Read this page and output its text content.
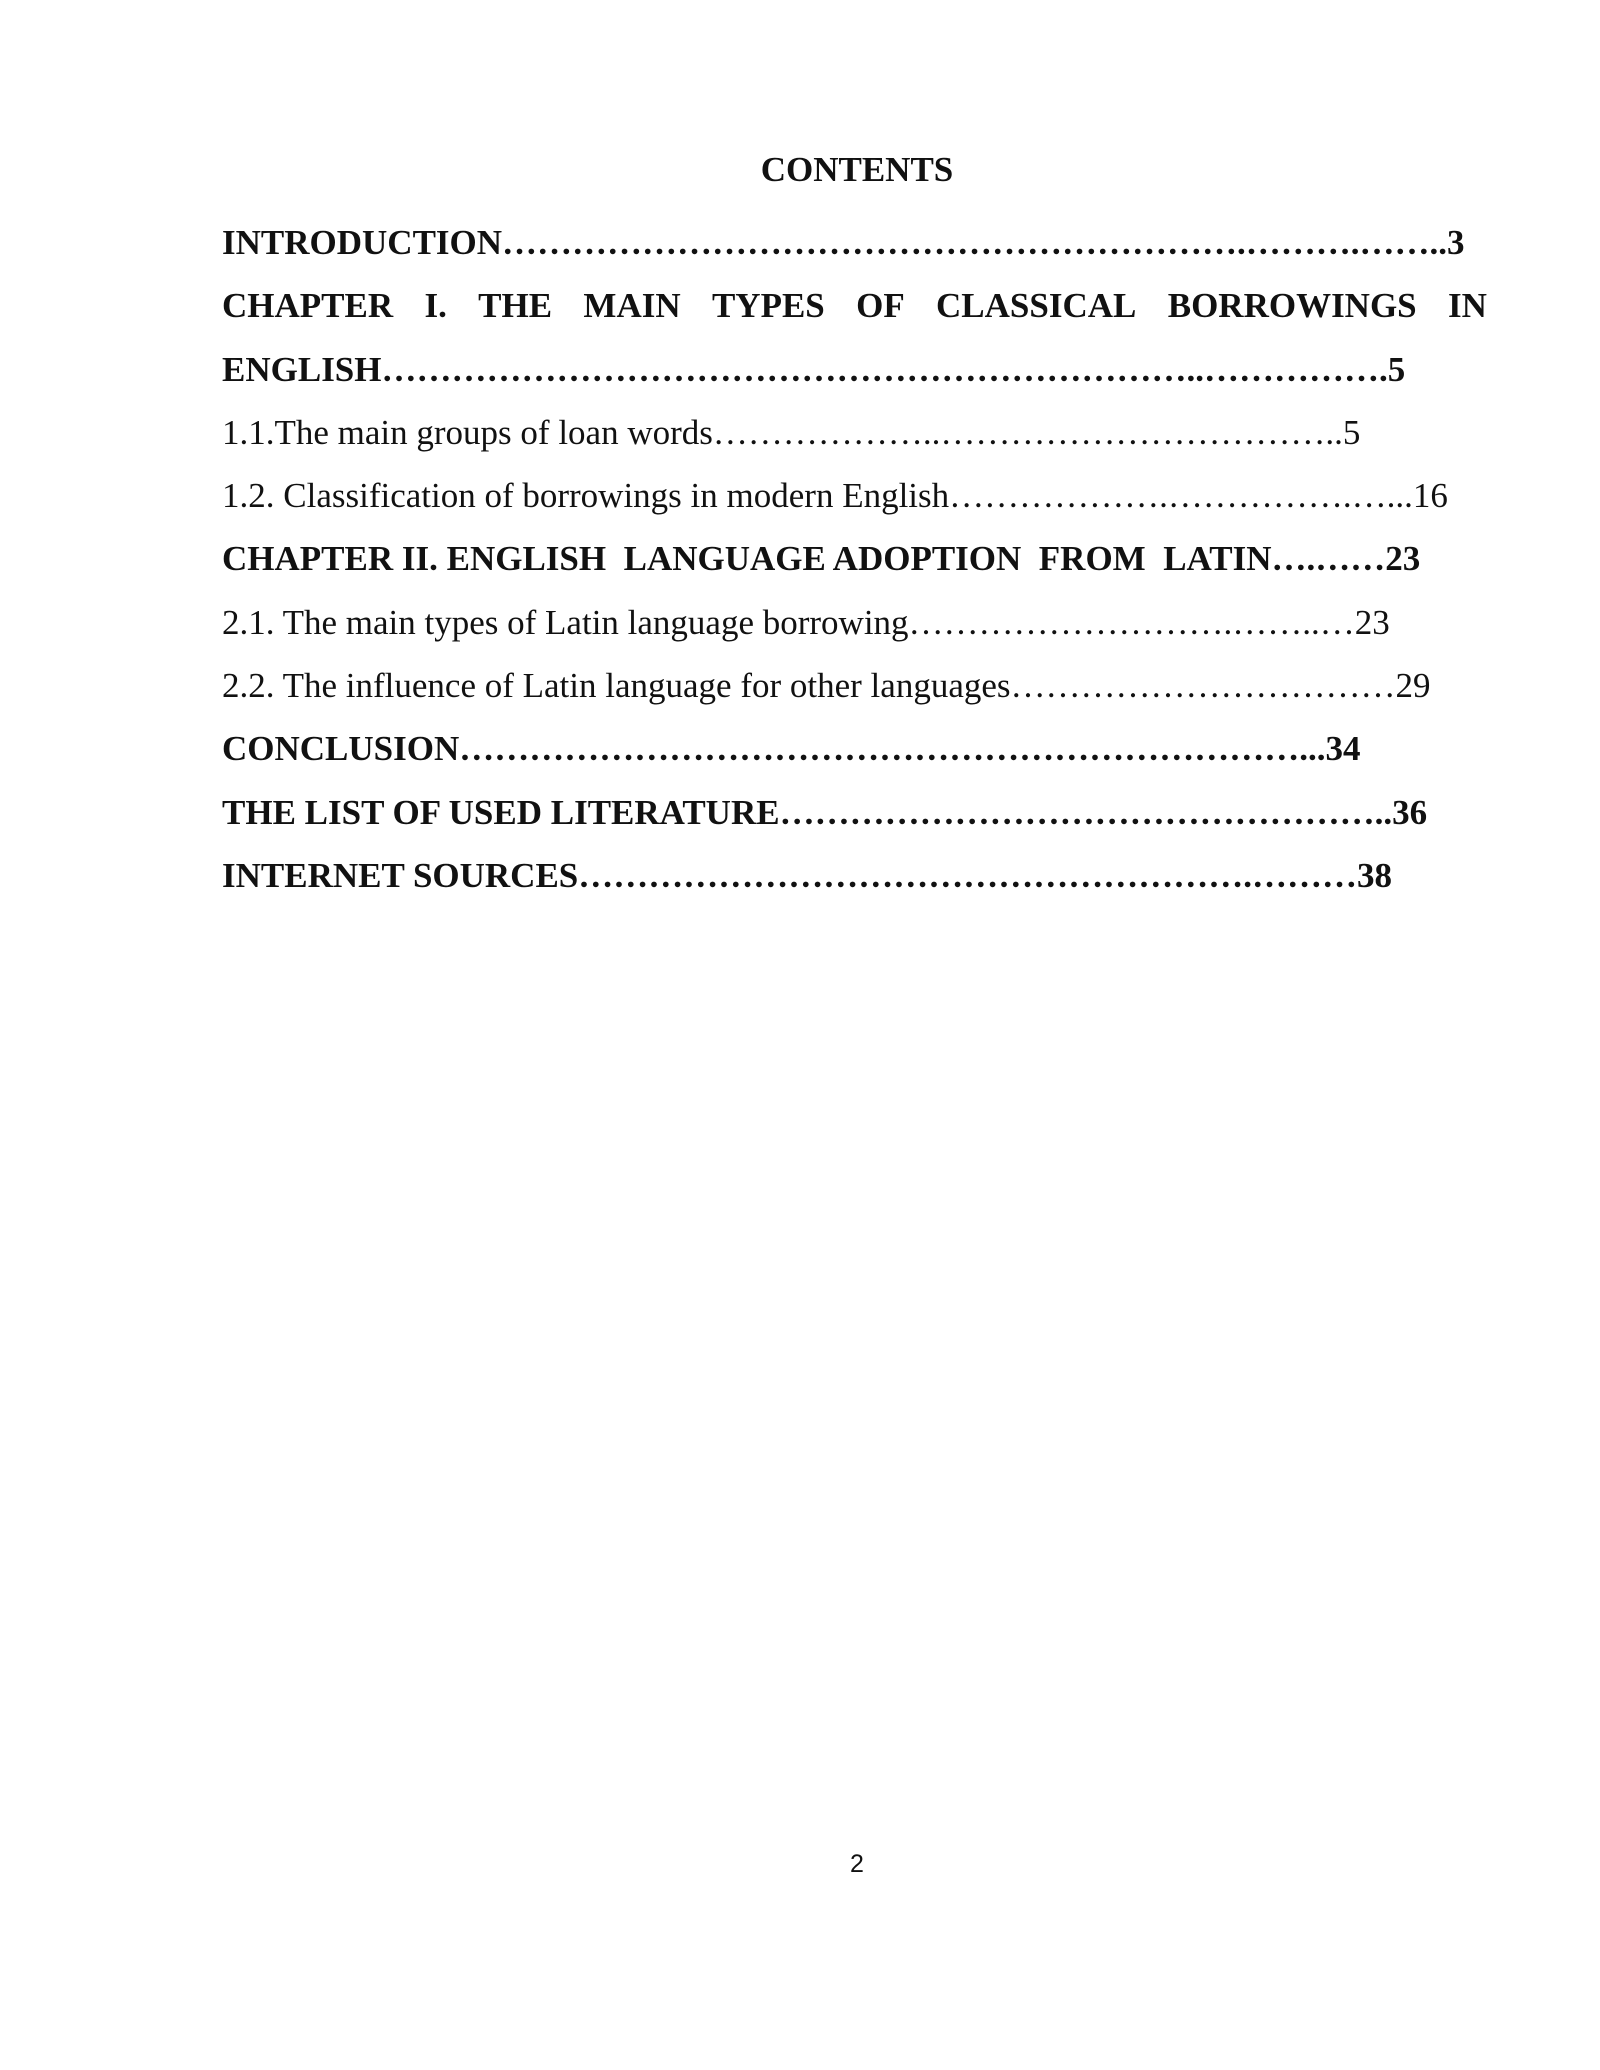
CONTENTS
INTRODUCTION……………………………………………………….……….……..3
CHAPTER I. THE MAIN TYPES OF CLASSICAL BORROWINGS IN
ENGLISH……………………………………………………………..…………….5
1.1.The main groups of loan words………………..……………………………..5
1.2. Classification of borrowings in modern English……………….…………….…...16
CHAPTER II. ENGLISH  LANGUAGE ADOPTION  FROM  LATIN….……23
2.1. The main types of Latin language borrowing……………………….……..…23
2.2. The influence of Latin language for other languages……………………………29
CONCLUSION………………………………………………………………...34
THE LIST OF USED LITERATURE……………………………………………..36
INTERNET SOURCES………………………………………………….………38
2
